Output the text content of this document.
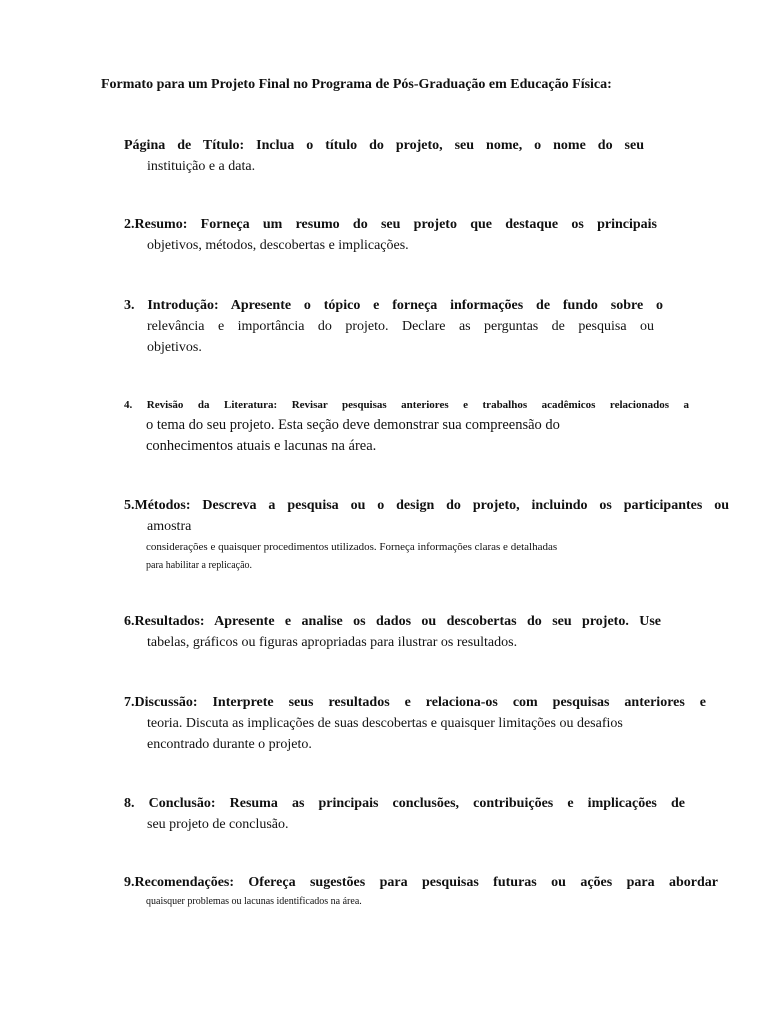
Formato para um Projeto Final no Programa de Pós-Graduação em Educação Física:
Página de Título: Inclua o título do projeto, seu nome, o nome do seu
instituição e a data.
2.Resumo: Forneça um resumo do seu projeto que destaque os principais
objetivos, métodos, descobertas e implicações.
3. Introdução: Apresente o tópico e forneça informações de fundo sobre o
relevância e importância do projeto. Declare as perguntas de pesquisa ou
objetivos.
4. Revisão da Literatura: Revisar pesquisas anteriores e trabalhos acadêmicos relacionados a
o tema do seu projeto. Esta seção deve demonstrar sua compreensão do
conhecimentos atuais e lacunas na área.
5.Métodos: Descreva a pesquisa ou o design do projeto, incluindo os participantes ou
amostra
considerações e quaisquer procedimentos utilizados. Forneça informações claras e detalhadas
para habilitar a replicação.
6.Resultados: Apresente e analise os dados ou descobertas do seu projeto. Use
tabelas, gráficos ou figuras apropriadas para ilustrar os resultados.
7.Discussão: Interprete seus resultados e relaciona-os com pesquisas anteriores e
teoria. Discuta as implicações de suas descobertas e quaisquer limitações ou desafios
encontrado durante o projeto.
8. Conclusão: Resuma as principais conclusões, contribuições e implicações de
seu projeto de conclusão.
9.Recomendações: Ofereça sugestões para pesquisas futuras ou ações para abordar
quaisquer problemas ou lacunas identificados na área.
